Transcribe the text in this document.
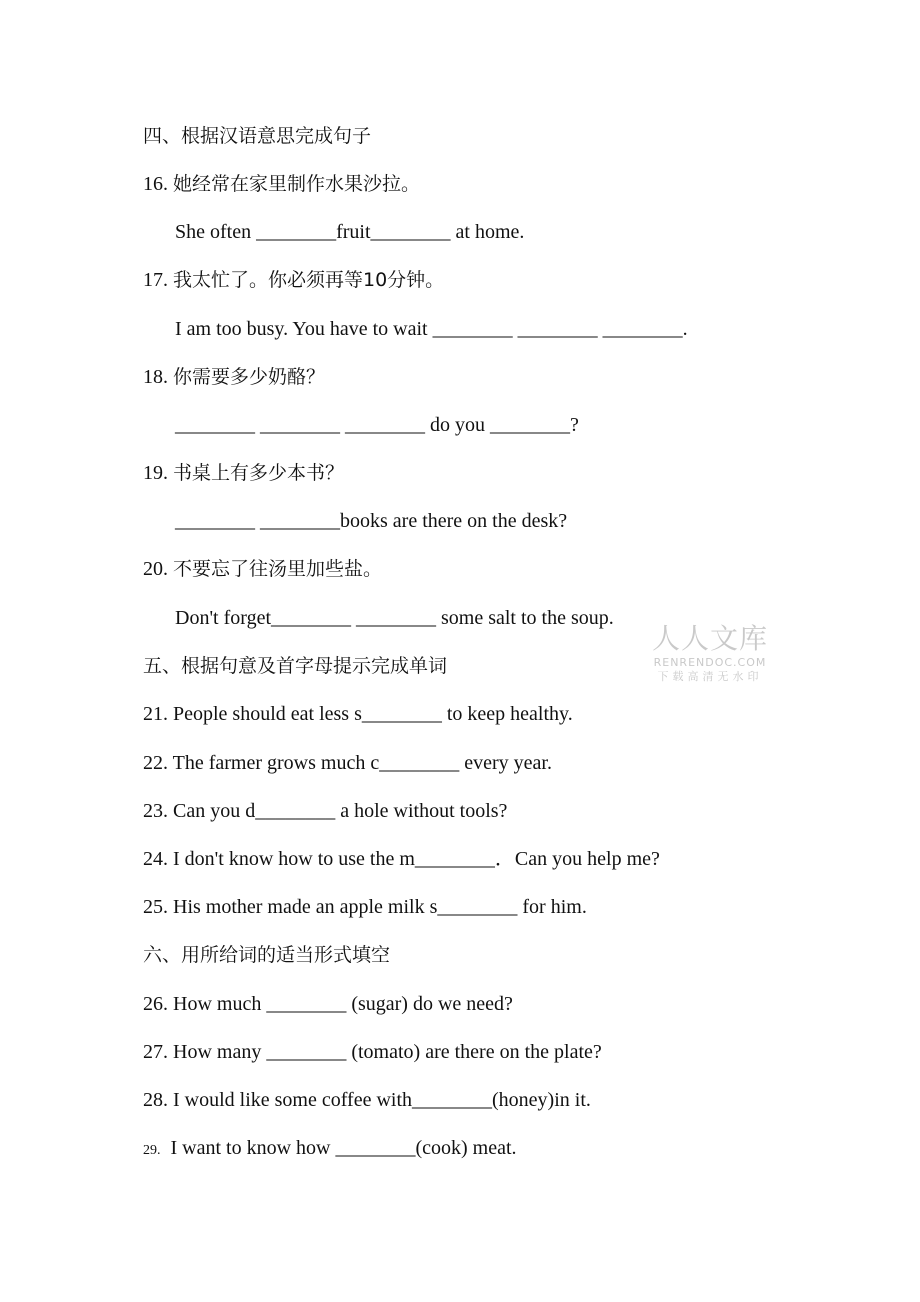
四、根据汉语意思完成句子
16. 她经常在家里制作水果沙拉。
She often ________fruit________ at home.
17. 我太忙了。你必须再等10分钟。
I am too busy. You have to wait ________ ________ ________.
18. 你需要多少奶酪？
________ ________ ________ do you ________?
19. 书桌上有多少本书？
________ ________books are there on the desk?
20. 不要忘了往汤里加些盐。
Don't forget________ ________ some salt to the soup.
五、根据句意及首字母提示完成单词
21. People should eat less s________ to keep healthy.
22. The farmer grows much c________ every year.
23. Can you d________ a hole without tools?
24. I don't know how to use the m________．Can you help me?
25. His mother made an apple milk s________ for him.
六、用所给词的适当形式填空
26. How much ________ (sugar) do we need?
27. How many ________ (tomato) are there on the plate?
28. I would like some coffee with________(honey)in it.
29. I want to know how ________(cook) meat.
人人文库
RENRENDOC.COM
下载高清无水印
